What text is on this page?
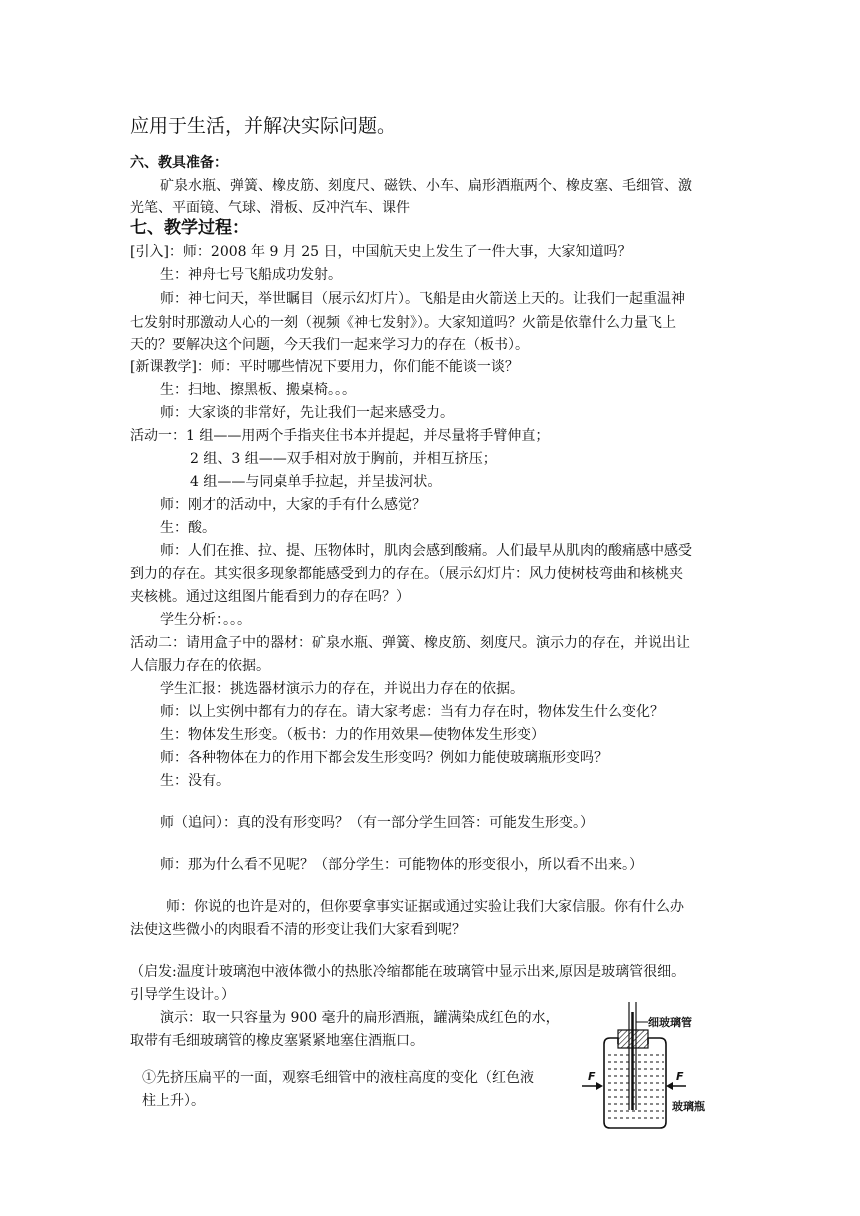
应用于生活，并解决实际问题。
六、教具准备：
矿泉水瓶、弹簧、橡皮筋、刻度尺、磁铁、小车、扁形酒瓶两个、橡皮塞、毛细管、激
光笔、平面镜、气球、滑板、反冲汽车、课件
七、教学过程：
[引入]：师：2008 年 9 月 25 日，中国航天史上发生了一件大事，大家知道吗？
生：神舟七号飞船成功发射。
师：神七问天，举世瞩目（展示幻灯片）。飞船是由火箭送上天的。让我们一起重温神
七发射时那激动人心的一刻（视频《神七发射》）。大家知道吗？火箭是依靠什么力量飞上
天的？要解决这个问题，今天我们一起来学习力的存在（板书）。
[新课教学]：师：平时哪些情况下要用力，你们能不能谈一谈？
生：扫地、擦黑板、搬桌椅。。。
师：大家谈的非常好，先让我们一起来感受力。
活动一：1 组——用两个手指夹住书本并提起，并尽量将手臂伸直；
2 组、3 组——双手相对放于胸前，并相互挤压；
4 组——与同桌单手拉起，并呈拔河状。
师：刚才的活动中，大家的手有什么感觉？
生：酸。
师：人们在推、拉、提、压物体时，肌肉会感到酸痛。人们最早从肌肉的酸痛感中感受
到力的存在。其实很多现象都能感受到力的存在。（展示幻灯片：风力使树枝弯曲和核桃夹
夹核桃。通过这组图片能看到力的存在吗？）
学生分析：。。。
活动二：请用盒子中的器材：矿泉水瓶、弹簧、橡皮筋、刻度尺。演示力的存在，并说出让
人信服力存在的依据。
学生汇报：挑选器材演示力的存在，并说出力存在的依据。
师：以上实例中都有力的存在。请大家考虑：当有力存在时，物体发生什么变化？
生：物体发生形变。（板书：力的作用效果—使物体发生形变）
师：各种物体在力的作用下都会发生形变吗？例如力能使玻璃瓶形变吗？
生：没有。
师（追问）：真的没有形变吗？（有一部分学生回答：可能发生形变。）
师：那为什么看不见呢？（部分学生：可能物体的形变很小，所以看不出来。）
师：你说的也许是对的，但你要拿事实证据或通过实验让我们大家信服。你有什么办
法使这些微小的肉眼看不清的形变让我们大家看到呢？
（启发:温度计玻璃泡中液体微小的热胀冷缩都能在玻璃管中显示出来,原因是玻璃管很细。
引导学生设计。）
演示：取一只容量为 900 毫升的扁形酒瓶，罐满染成红色的水，
取带有毛细玻璃管的橡皮塞紧紧地塞住酒瓶口。
①先挤压扁平的一面，观察毛细管中的液柱高度的变化（红色液
柱上升）。
细玻璃管
F	F
玻璃瓶
